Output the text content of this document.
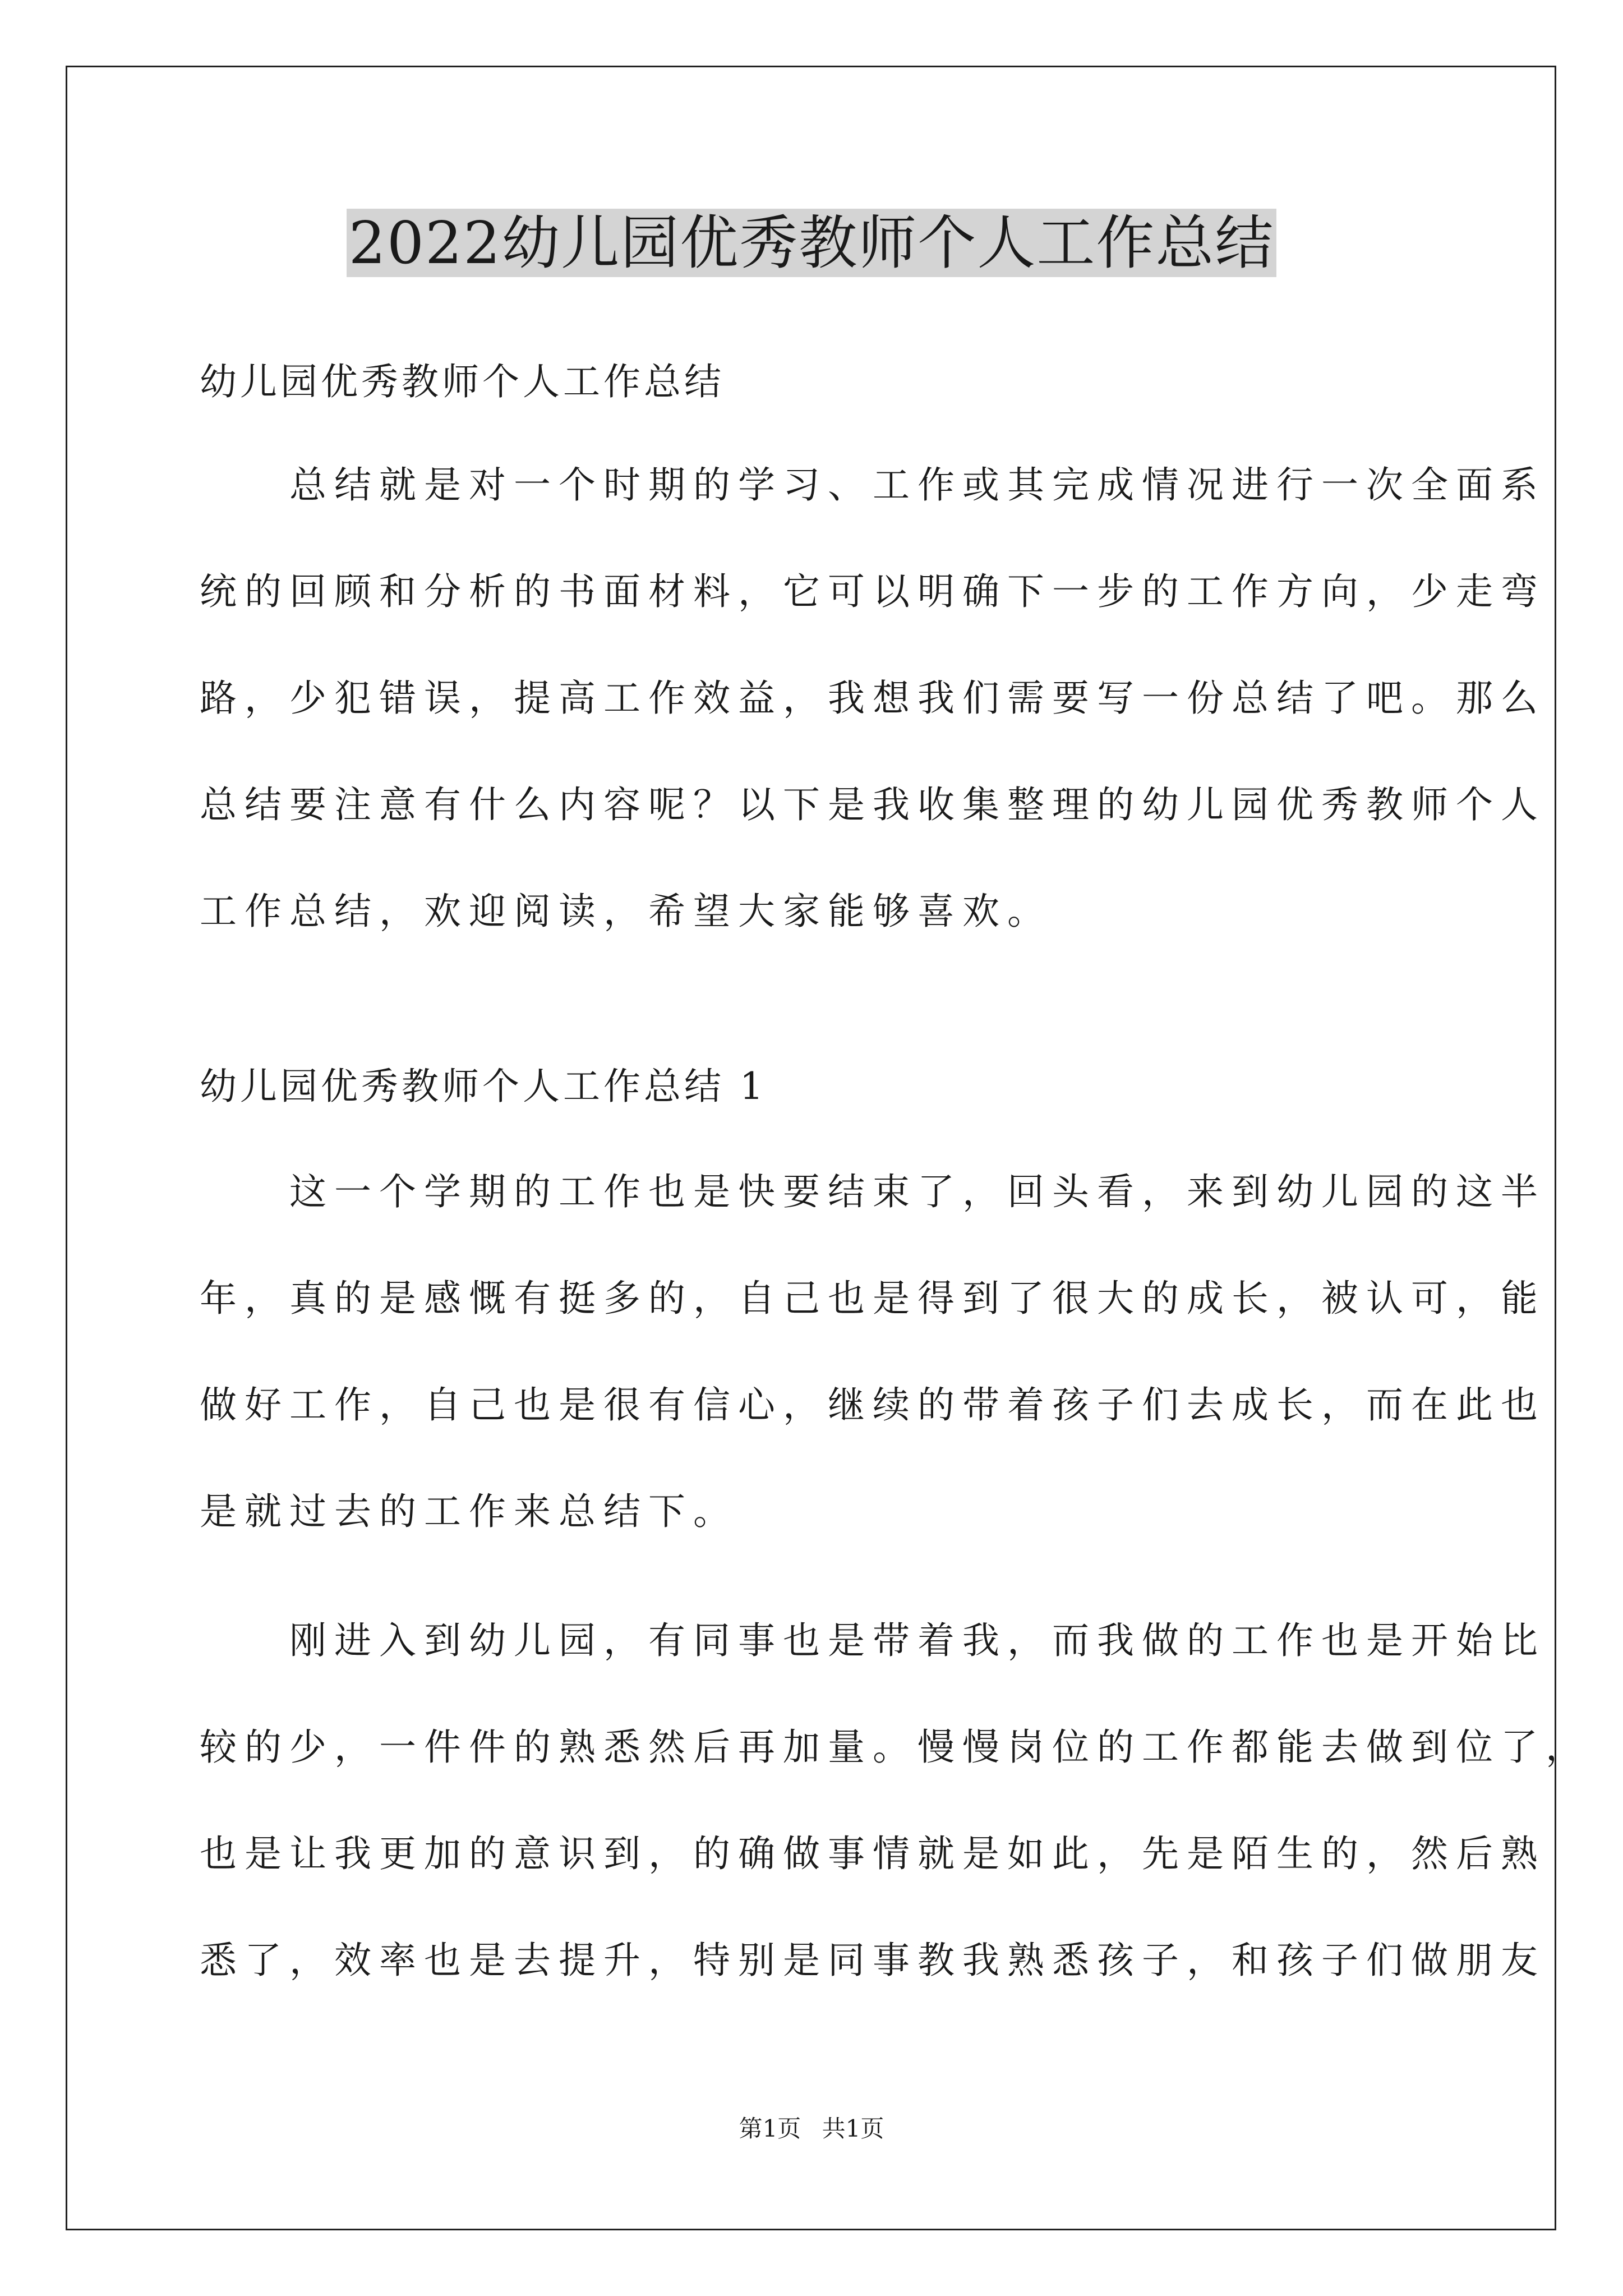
2022幼儿园优秀教师个人工作总结
幼儿园优秀教师个人工作总结
　　总结就是对一个时期的学习、工作或其完成情况进行一次全面系
统的回顾和分析的书面材料，它可以明确下一步的工作方向，少走弯
路，少犯错误，提高工作效益，我想我们需要写一份总结了吧。那么
总结要注意有什么内容呢？以下是我收集整理的幼儿园优秀教师个人
工作总结，欢迎阅读，希望大家能够喜欢。
幼儿园优秀教师个人工作总结 1
　　这一个学期的工作也是快要结束了，回头看，来到幼儿园的这半
年，真的是感慨有挺多的，自己也是得到了很大的成长，被认可，能
做好工作，自己也是很有信心，继续的带着孩子们去成长，而在此也
是就过去的工作来总结下。
　　刚进入到幼儿园，有同事也是带着我，而我做的工作也是开始比
较的少，一件件的熟悉然后再加量。慢慢岗位的工作都能去做到位了，
也是让我更加的意识到，的确做事情就是如此，先是陌生的，然后熟
悉了，效率也是去提升，特别是同事教我熟悉孩子，和孩子们做朋友
第1页 共1页
